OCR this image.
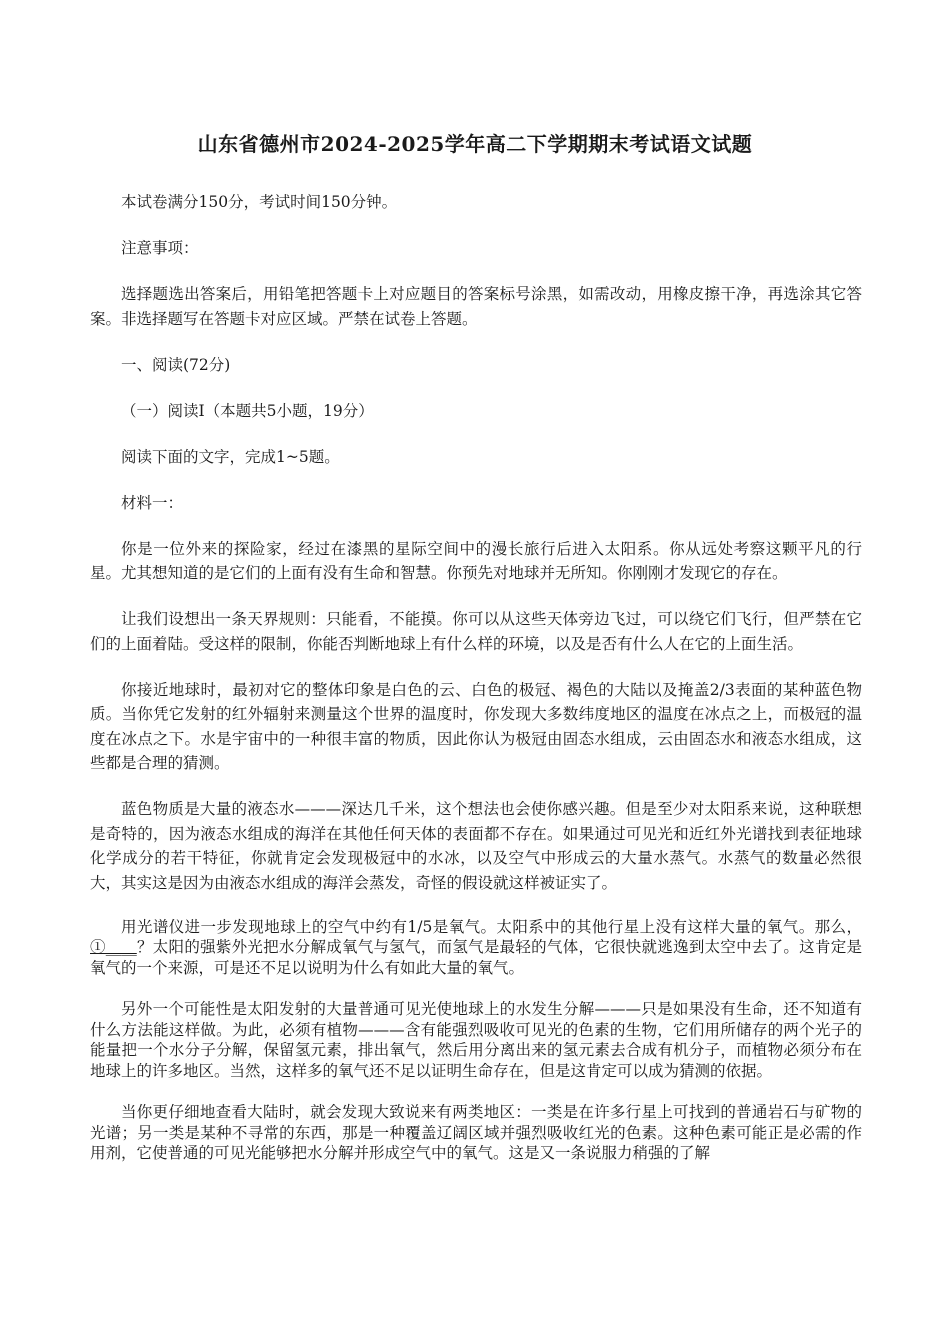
山东省德州市2024-2025学年高二下学期期末考试语文试题

本试卷满分150分，考试时间150分钟。

注意事项：

选择题选出答案后，用铅笔把答题卡上对应题目的答案标号涂黑，如需改动，用橡皮擦干净，再选涂其它答案。非选择题写在答题卡对应区域。严禁在试卷上答题。

一、阅读(72分)

（一）阅读Ⅰ（本题共5小题，19分）

阅读下面的文字，完成1~5题。

材料一：

你是一位外来的探险家，经过在漆黑的星际空间中的漫长旅行后进入太阳系。你从远处考察这颗平凡的行星。尤其想知道的是它们的上面有没有生命和智慧。你预先对地球并无所知。你刚刚才发现它的存在。

让我们设想出一条天界规则：只能看，不能摸。你可以从这些天体旁边飞过，可以绕它们飞行，但严禁在它们的上面着陆。受这样的限制，你能否判断地球上有什么样的环境，以及是否有什么人在它的上面生活。

你接近地球时，最初对它的整体印象是白色的云、白色的极冠、褐色的大陆以及掩盖2/3表面的某种蓝色物质。当你凭它发射的红外辐射来测量这个世界的温度时，你发现大多数纬度地区的温度在冰点之上，而极冠的温度在冰点之下。水是宇宙中的一种很丰富的物质，因此你认为极冠由固态水组成，云由固态水和液态水组成，这些都是合理的猜测。

蓝色物质是大量的液态水———深达几千米，这个想法也会使你感兴趣。但是至少对太阳系来说，这种联想是奇特的，因为液态水组成的海洋在其他任何天体的表面都不存在。如果通过可见光和近红外光谱找到表征地球化学成分的若干特征，你就肯定会发现极冠中的水冰，以及空气中形成云的大量水蒸气。水蒸气的数量必然很大，其实这是因为由液态水组成的海洋会蒸发，奇怪的假设就这样被证实了。

用光谱仪进一步发现地球上的空气中约有1/5是氧气。太阳系中的其他行星上没有这样大量的氧气。那么，①____？太阳的强紫外光把水分解成氧气与氢气，而氢气是最轻的气体，它很快就逃逸到太空中去了。这肯定是氧气的一个来源，可是还不足以说明为什么有如此大量的氧气。

另外一个可能性是太阳发射的大量普通可见光使地球上的水发生分解———只是如果没有生命，还不知道有什么方法能这样做。为此，必须有植物———含有能强烈吸收可见光的色素的生物，它们用所储存的两个光子的能量把一个水分子分解，保留氢元素，排出氧气，然后用分离出来的氢元素去合成有机分子，而植物必须分布在地球上的许多地区。当然，这样多的氧气还不足以证明生命存在，但是这肯定可以成为猜测的依据。

当你更仔细地查看大陆时，就会发现大致说来有两类地区：一类是在许多行星上可找到的普通岩石与矿物的光谱；另一类是某种不寻常的东西，那是一种覆盖辽阔区域并强烈吸收红光的色素。这种色素可能正是必需的作用剂，它使普通的可见光能够把水分解并形成空气中的氧气。这是又一条说服力稍强的了解
